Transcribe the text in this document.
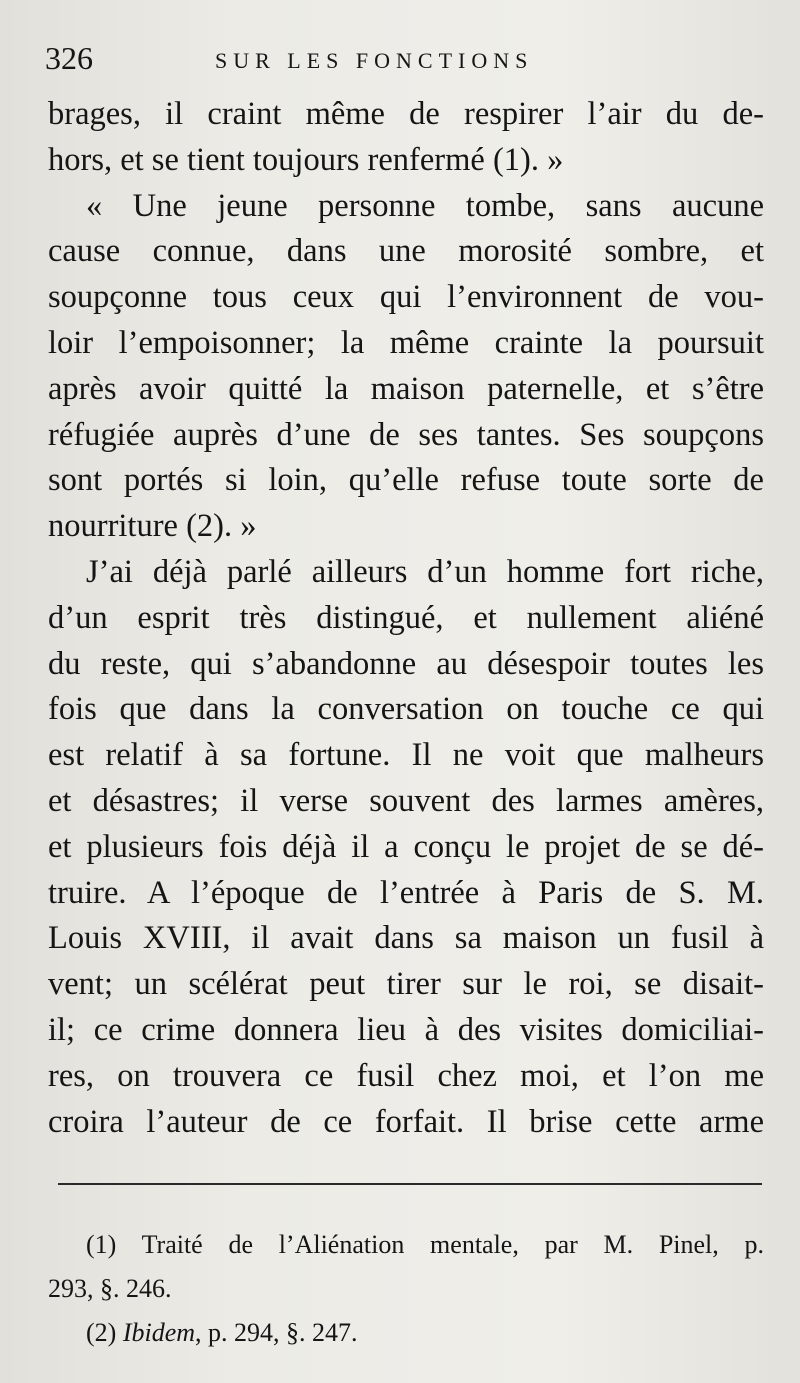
326	SUR LES FONCTIONS
brages, il craint même de respirer l’air du de-
hors, et se tient toujours renfermé (1). »
« Une jeune personne tombe, sans aucune
cause connue, dans une morosité sombre, et
soupçonne tous ceux qui l’environnent de vou-
loir l’empoisonner; la même crainte la poursuit
après avoir quitté la maison paternelle, et s’être
réfugiée auprès d’une de ses tantes. Ses soupçons
sont portés si loin, qu’elle refuse toute sorte de
nourriture (2). »
J’ai déjà parlé ailleurs d’un homme fort riche,
d’un esprit très distingué, et nullement aliéné
du reste, qui s’abandonne au désespoir toutes les
fois que dans la conversation on touche ce qui
est relatif à sa fortune. Il ne voit que malheurs
et désastres; il verse souvent des larmes amères,
et plusieurs fois déjà il a conçu le projet de se dé-
truire. A l’époque de l’entrée à Paris de S. M.
Louis XVIII, il avait dans sa maison un fusil à
vent; un scélérat peut tirer sur le roi, se disait-
il; ce crime donnera lieu à des visites domiciliai-
res, on trouvera ce fusil chez moi, et l’on me
croira l’auteur de ce forfait. Il brise cette arme
(1) Traité de l’Aliénation mentale, par M. Pinel, p.
293, §. 246.
(2) Ibidem, p. 294, §. 247.
